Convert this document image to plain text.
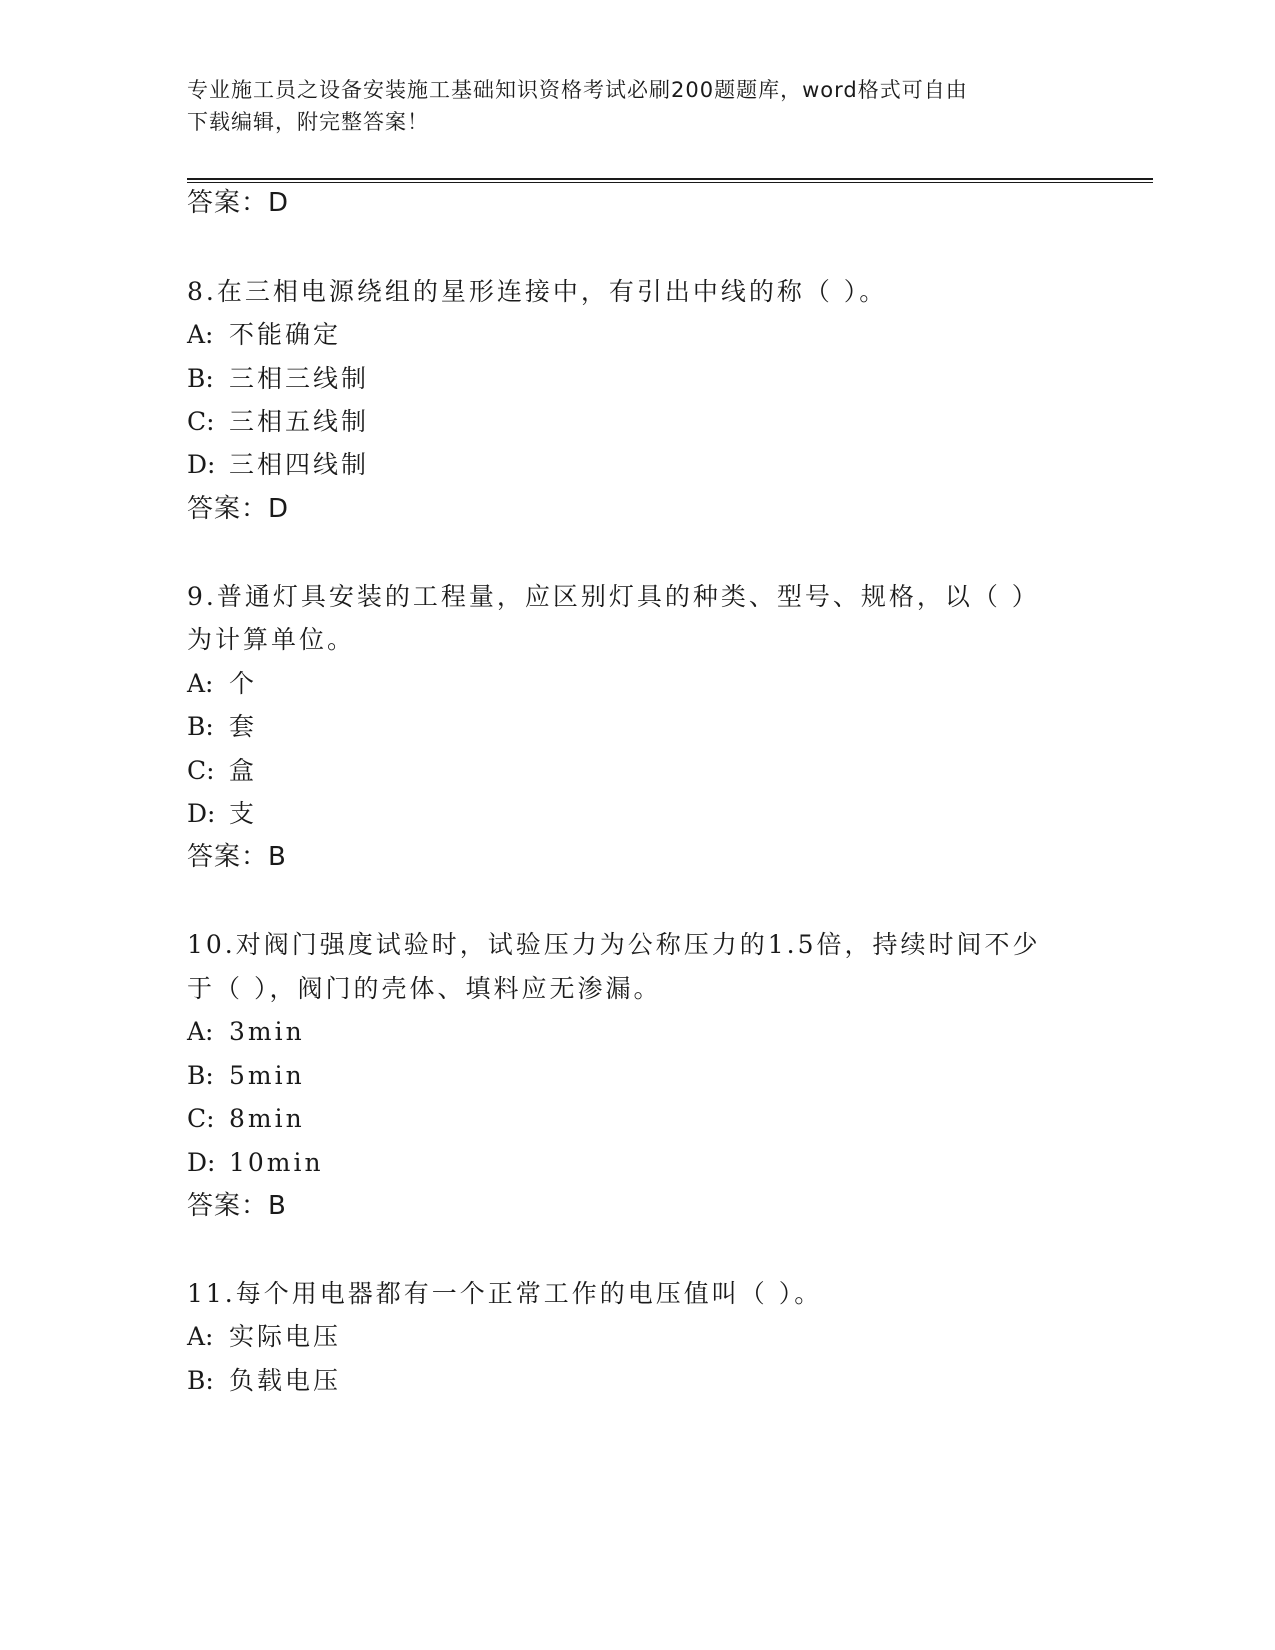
专业施工员之设备安装施工基础知识资格考试必刷200题题库，word格式可自由
下载编辑，附完整答案！
答案：D
8.在三相电源绕组的星形连接中，有引出中线的称（ ）。
A: 不能确定
B: 三相三线制
C: 三相五线制
D: 三相四线制
答案：D
9.普通灯具安装的工程量，应区别灯具的种类、型号、规格，以（ ）
为计算单位。
A: 个
B: 套
C: 盒
D: 支
答案：B
10.对阀门强度试验时，试验压力为公称压力的1.5倍，持续时间不少
于（ ），阀门的壳体、填料应无渗漏。
A: 3min
B: 5min
C: 8min
D: 10min
答案：B
11.每个用电器都有一个正常工作的电压值叫（ ）。
A: 实际电压
B: 负载电压
